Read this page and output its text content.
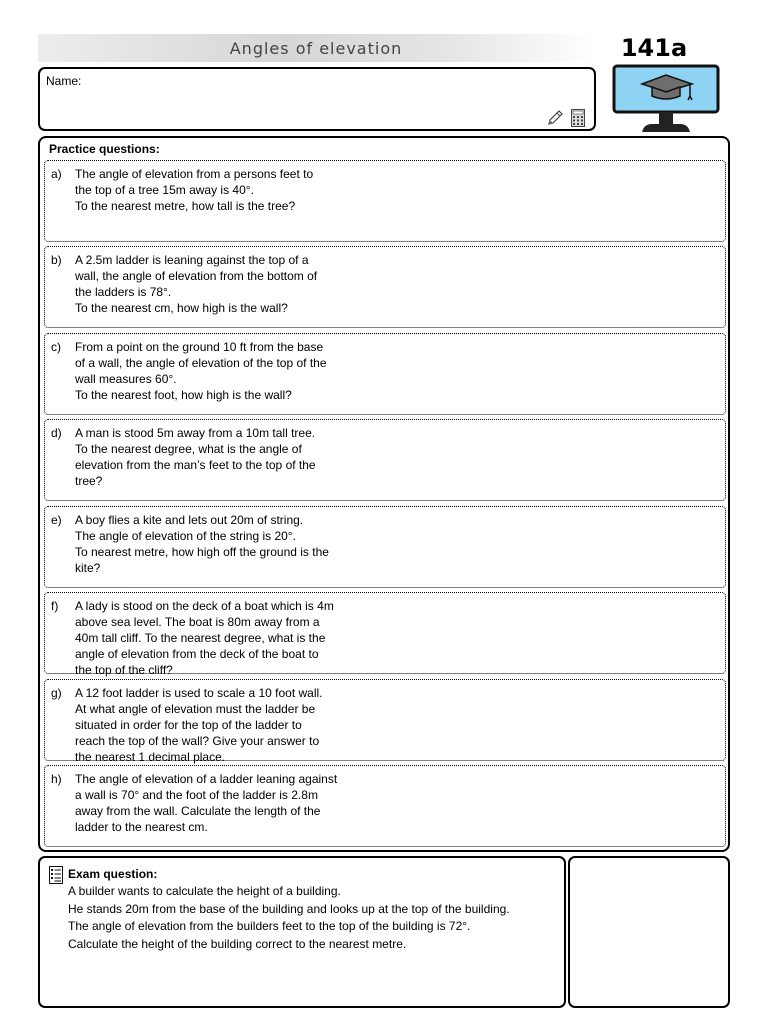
Angles of elevation	141a
Name:
Practice questions:
a) The angle of elevation from a persons feet to
the top of a tree 15m away is 40°.
To the nearest metre, how tall is the tree?
b) A 2.5m ladder is leaning against the top of a
wall, the angle of elevation from the bottom of
the ladders is 78°.
To the nearest cm, how high is the wall?
c) From a point on the ground 10 ft from the base
of a wall, the angle of elevation of the top of the
wall measures 60°.
To the nearest foot, how high is the wall?
d) A man is stood 5m away from a 10m tall tree.
To the nearest degree, what is the angle of
elevation from the man’s feet to the top of the
tree?
e) A boy flies a kite and lets out 20m of string.
The angle of elevation of the string is 20°.
To nearest metre, how high off the ground is the
kite?
f) A lady is stood on the deck of a boat which is 4m
above sea level. The boat is 80m away from a
40m tall cliff. To the nearest degree, what is the
angle of elevation from the deck of the boat to
the top of the cliff?
g) A 12 foot ladder is used to scale a 10 foot wall.
At what angle of elevation must the ladder be
situated in order for the top of the ladder to
reach the top of the wall? Give your answer to
the nearest 1 decimal place.
h) The angle of elevation of a ladder leaning against
a wall is 70° and the foot of the ladder is 2.8m
away from the wall. Calculate the length of the
ladder to the nearest cm.
Exam question:
A builder wants to calculate the height of a building.
He stands 20m from the base of the building and looks up at the top of the building.
The angle of elevation from the builders feet to the top of the building is 72°.
Calculate the height of the building correct to the nearest metre.
